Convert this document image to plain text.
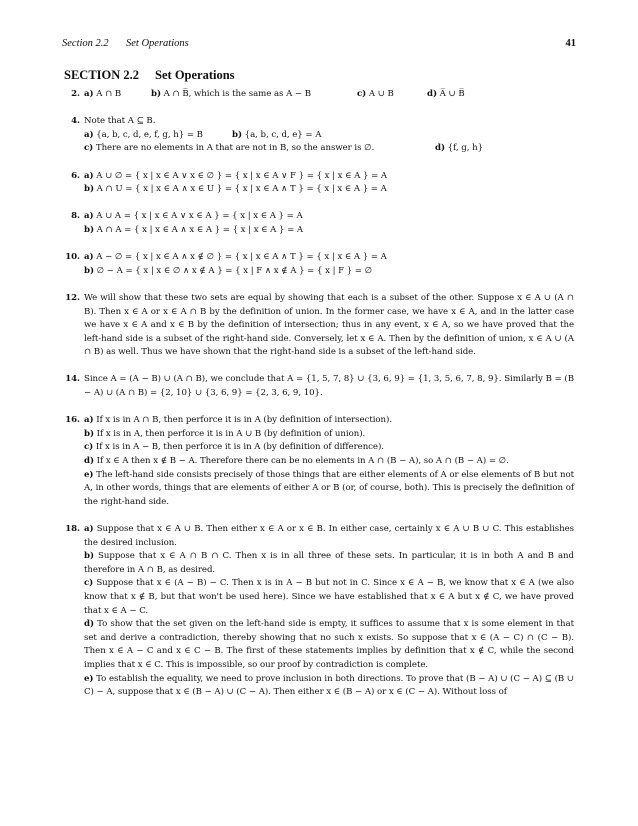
Section 2.2	Set Operations	41
SECTION 2.2 Set Operations
2. a) A ∩ B	b) A ∩ B̅, which is the same as A − B	c) A ∪ B	d) A̅ ∪ B̅
4. Note that A ⊆ B.

a) {a, b, c, d, e, f, g, h} = B	b) {a, b, c, d, e} = A
c) There are no elements in A that are not in B, so the answer is ∅.	d) {f, g, h}
6. a) A ∪ ∅ = { x | x ∈ A ∨ x ∈ ∅ } = { x | x ∈ A ∨ F } = { x | x ∈ A } = A

b) A ∩ U = { x | x ∈ A ∧ x ∈ U } = { x | x ∈ A ∧ T } = { x | x ∈ A } = A

8. a) A ∪ A = { x | x ∈ A ∨ x ∈ A } = { x | x ∈ A } = A

b) A ∩ A = { x | x ∈ A ∧ x ∈ A } = { x | x ∈ A } = A

10. a) A − ∅ = { x | x ∈ A ∧ x ∉ ∅ } = { x | x ∈ A ∧ T } = { x | x ∈ A } = A

b) ∅ − A = { x | x ∈ ∅ ∧ x ∉ A } = { x | F ∧ x ∉ A } = { x | F } = ∅

12. We will show that these two sets are equal by showing that each is a subset of the other. Suppose x ∈ A ∪ (A ∩ B). Then x ∈ A or x ∈ A ∩ B by the definition of union. In the former case, we have x ∈ A, and in the latter case we have x ∈ A and x ∈ B by the definition of intersection; thus in any event, x ∈ A, so we have proved that the left-hand side is a subset of the right-hand side. Conversely, let x ∈ A. Then by the definition of union, x ∈ A ∪ (A ∩ B) as well. Thus we have shown that the right-hand side is a subset of the left-hand side.

14. Since A = (A − B) ∪ (A ∩ B), we conclude that A = {1, 5, 7, 8} ∪ {3, 6, 9} = {1, 3, 5, 6, 7, 8, 9}. Similarly B = (B − A) ∪ (A ∩ B) = {2, 10} ∪ {3, 6, 9} = {2, 3, 6, 9, 10}.

16. a) If x is in A ∩ B, then perforce it is in A (by definition of intersection).

b) If x is in A, then perforce it is in A ∪ B (by definition of union).

c) If x is in A − B, then perforce it is in A (by definition of difference).

d) If x ∈ A then x ∉ B − A. Therefore there can be no elements in A ∩ (B − A), so A ∩ (B − A) = ∅.

e) The left-hand side consists precisely of those things that are either elements of A or else elements of B but not A, in other words, things that are elements of either A or B (or, of course, both). This is precisely the definition of the right-hand side.

18. a) Suppose that x ∈ A ∪ B. Then either x ∈ A or x ∈ B. In either case, certainly x ∈ A ∪ B ∪ C. This establishes the desired inclusion.

b) Suppose that x ∈ A ∩ B ∩ C. Then x is in all three of these sets. In particular, it is in both A and B and therefore in A ∩ B, as desired.

c) Suppose that x ∈ (A − B) − C. Then x is in A − B but not in C. Since x ∈ A − B, we know that x ∈ A (we also know that x ∉ B, but that won't be used here). Since we have established that x ∈ A but x ∉ C, we have proved that x ∈ A − C.

d) To show that the set given on the left-hand side is empty, it suffices to assume that x is some element in that set and derive a contradiction, thereby showing that no such x exists. So suppose that x ∈ (A − C) ∩ (C − B). Then x ∈ A − C and x ∈ C − B. The first of these statements implies by definition that x ∉ C, while the second implies that x ∈ C. This is impossible, so our proof by contradiction is complete.

e) To establish the equality, we need to prove inclusion in both directions. To prove that (B − A) ∪ (C − A) ⊆ (B ∪ C) − A, suppose that x ∈ (B − A) ∪ (C − A). Then either x ∈ (B − A) or x ∈ (C − A). Without loss of
